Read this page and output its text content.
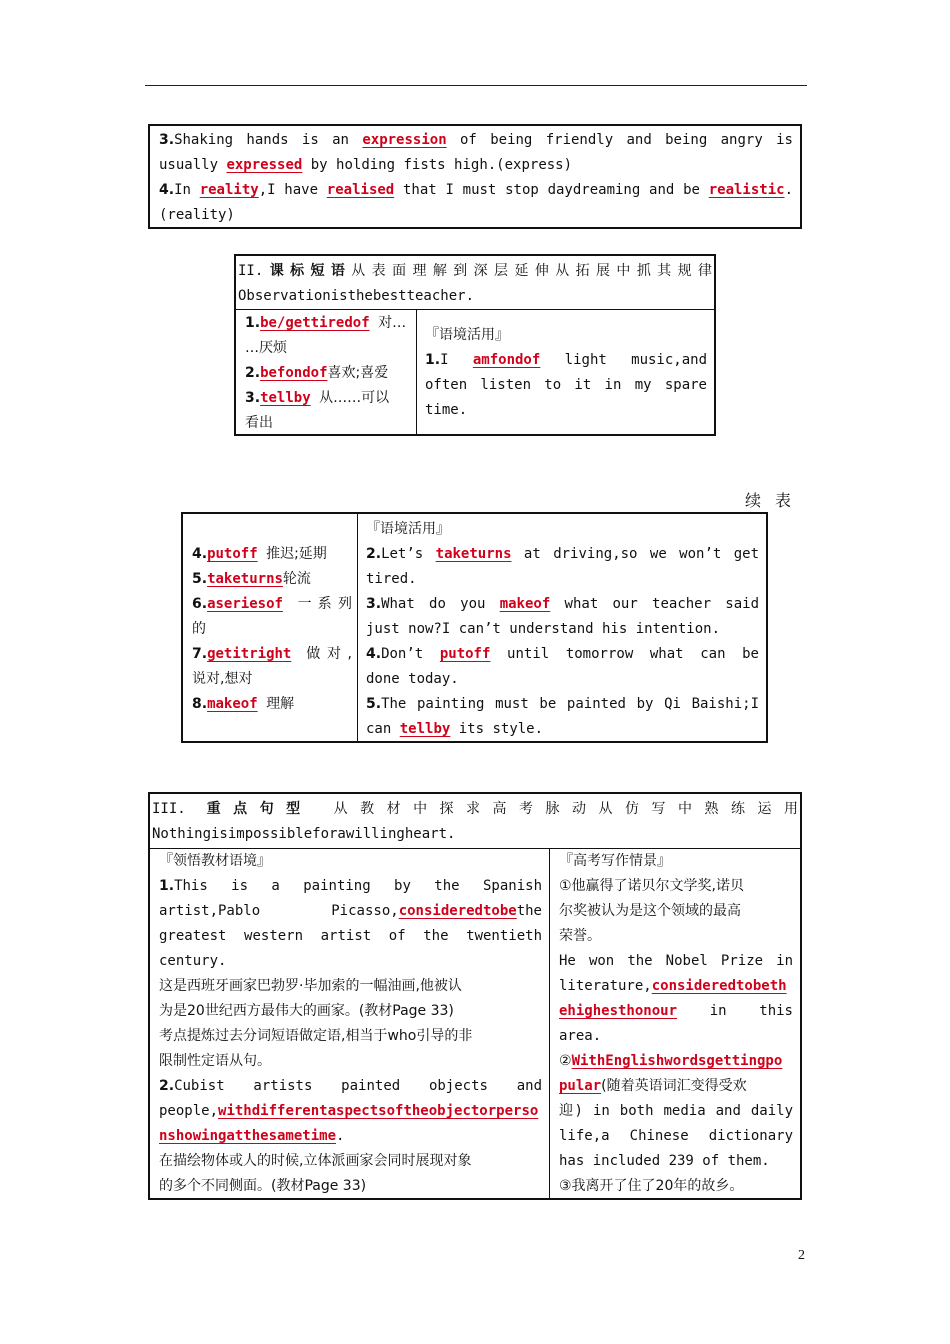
3.Shaking hands is an expression of being friendly and being angry is
usually expressed by holding fists high.(express)
4.In reality,I have realised that I must stop daydreaming and be realistic.
(reality)
II.课标短语从表面理解到深层延伸从拓展中抓其规律
Observationisthebestteacher.
1.be/gettiredof 对…
…厌烦
2.befondof喜欢;喜爱
3.tellby 从……可以
看出
『语境活用』
1.I amfondof light music,and
often listen to it in my spare
time.
续表
4.putoff 推迟;延期
5.taketurns轮流
6.aseriesof 一系列
的
7.getitright 做对,
说对,想对
8.makeof 理解
『语境活用』
2.Let’s taketurns at driving,so we won’t get
tired.
3.What do you makeof what our teacher said
just now?I can’t understand his intention.
4.Don’t putoff until tomorrow what can be
done today.
5.The painting must be painted by Qi Baishi;I
can tellby its style.
III. 重点句型 从教材中探求高考脉动从仿写中熟练运用
Nothingisimpossibleforawillingheart.
『领悟教材语境』
1.This is a painting by the Spanish
artist,Pablo Picasso,consideredtobethe
greatest western artist of the twentieth
century.
这是西班牙画家巴勃罗·毕加索的一幅油画,他被认
为是20世纪西方最伟大的画家。(教材Page 33)
考点提炼过去分词短语做定语,相当于who引导的非
限制性定语从句。
2.Cubist artists painted objects and
people,withdifferentaspectsoftheobjectorperso
nshowingatthesametime.
在描绘物体或人的时候,立体派画家会同时展现对象
的多个不同侧面。(教材Page 33)
『高考写作情景』
①他赢得了诺贝尔文学奖,诺贝
尔奖被认为是这个领域的最高
荣誉。
He won the Nobel Prize in
literature,consideredtobeth
ehighesthonour in this
area.
②WithEnglishwordsgettingpo
pular(随着英语词汇变得受欢
迎) in both media and daily
life,a Chinese dictionary
has included 239 of them.
③我离开了住了20年的故乡。
2
